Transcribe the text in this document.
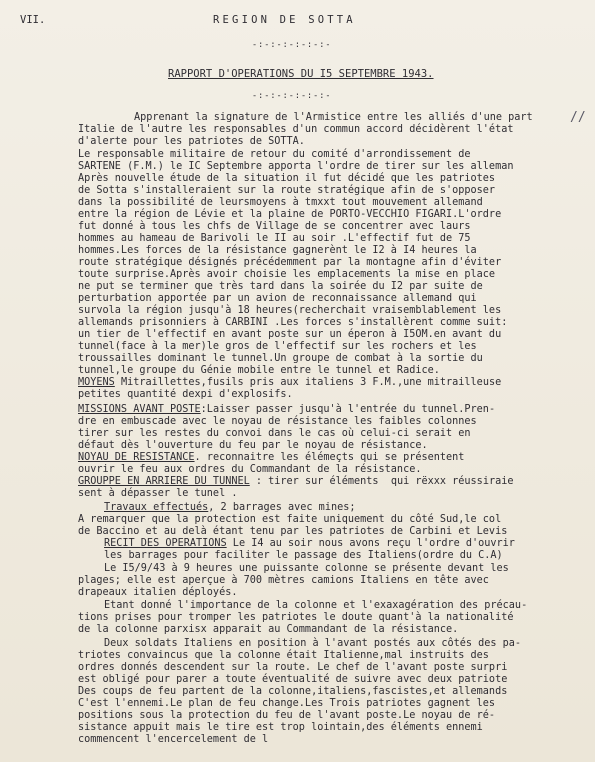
VII.	REGION DE SOTTA
-:-:-:-:-:-:-
RAPPORT D'OPERATIONS DU I5 SEPTEMBRE 1943.
-:-:-:-:-:-:-
//
Apprenant la signature de l'Armistice entre les alliés d'une part
Italie de l'autre les responsables d'un commun accord décidèrent l'état
d'alerte pour les patriotes de SOTTA.
Le responsable militaire de retour du comité d'arrondissement de
SARTENE (F.M.) le IC Septembre apporta l'ordre de tirer sur les alleman
Après nouvelle étude de la situation il fut décidé que les patriotes
de Sotta s'installeraient sur la route stratégique afin de s'opposer
dans la possibilité de leursmoyens à tmxxt tout mouvement allemand
entre la région de Lévie et la plaine de PORTO-VECCHIO FIGARI.L'ordre
fut donné à tous les chfs de Village de se concentrer avec laurs
hommes au hameau de Barivoli le II au soir .L'effectif fut de 75
hommes.Les forces de la résistance gagnerènt le I2 à I4 heures la
route stratégique désignés précédemment par la montagne afin d'éviter
toute surprise.Après avoir choisie les emplacements la mise en place
ne put se terminer que très tard dans la soirée du I2 par suite de
perturbation apportée par un avion de reconnaissance allemand qui
survola la région jusqu'à 18 heures(recherchait vraisemblablement les
allemands prisonniers à CARBINI .Les forces s'installèrent comme suit:
un tier de l'effectif en avant poste sur un éperon à I5OM.en avant du
tunnel(face à la mer)le gros de l'effectif sur les rochers et les
troussailles dominant le tunnel.Un groupe de combat à la sortie du
tunnel,le groupe du Génie mobile entre le tunnel et Radice.
MOYENS Mitraillettes,fusils pris aux italiens 3 F.M.,une mitrailleuse
petites quantité dexpi d'explosifs.
MISSIONS AVANT POSTE:Laisser passer jusqu'à l'entrée du tunnel.Pren-
dre en embuscade avec le noyau de résistance les faibles colonnes
tirer sur les restes du convoi dans le cas où celui-ci serait en
défaut dès l'ouverture du feu par le noyau de résistance.
NOYAU DE RESISTANCE. reconnaitre les élémeçts qui se présentent
ouvrir le feu aux ordres du Commandant de la résistance.
GROUPPE EN ARRIERE DU TUNNEL : tirer sur éléments  qui rëxxx réussiraie
sent à dépasser le tunel .
Travaux effectués, 2 barrages avec mines;
A remarquer que la protection est faite uniquement du côté Sud,le col
de Baccino et au delà étant tenu par les patriotes de Carbini et Levis
RECIT DES OPERATIONS Le I4 au soir nous avons reçu l'ordre d'ouvrir
les barrages pour faciliter le passage des Italiens(ordre du C.A)
Le I5/9/43 à 9 heures une puissante colonne se présente devant les
plages; elle est aperçue à 700 mètres camions Italiens en tête avec
drapeaux italien déployés.
Etant donné l'importance de la colonne et l'exaxagération des précau-
tions prises pour tromper les patriotes le doute quant'à la nationalité
de la colonne parxisx apparait au Commandant de la résistance.
Deux soldats Italiens en position à l'avant postés aux côtés des pa-
triotes convaincus que la colonne était Italienne,mal instruits des
ordres donnés descendent sur la route. Le chef de l'avant poste surpri
est obligé pour parer a toute éventualité de suivre avec deux patriote
Des coups de feu partent de la colonne,italiens,fascistes,et allemands
C'est l'ennemi.Le plan de feu change.Les Trois patriotes gagnent les
positions sous la protection du feu de l'avant poste.Le noyau de ré-
sistance appuit mais le tire est trop lointain,des éléments ennemi
commencent l'encercelement de l
